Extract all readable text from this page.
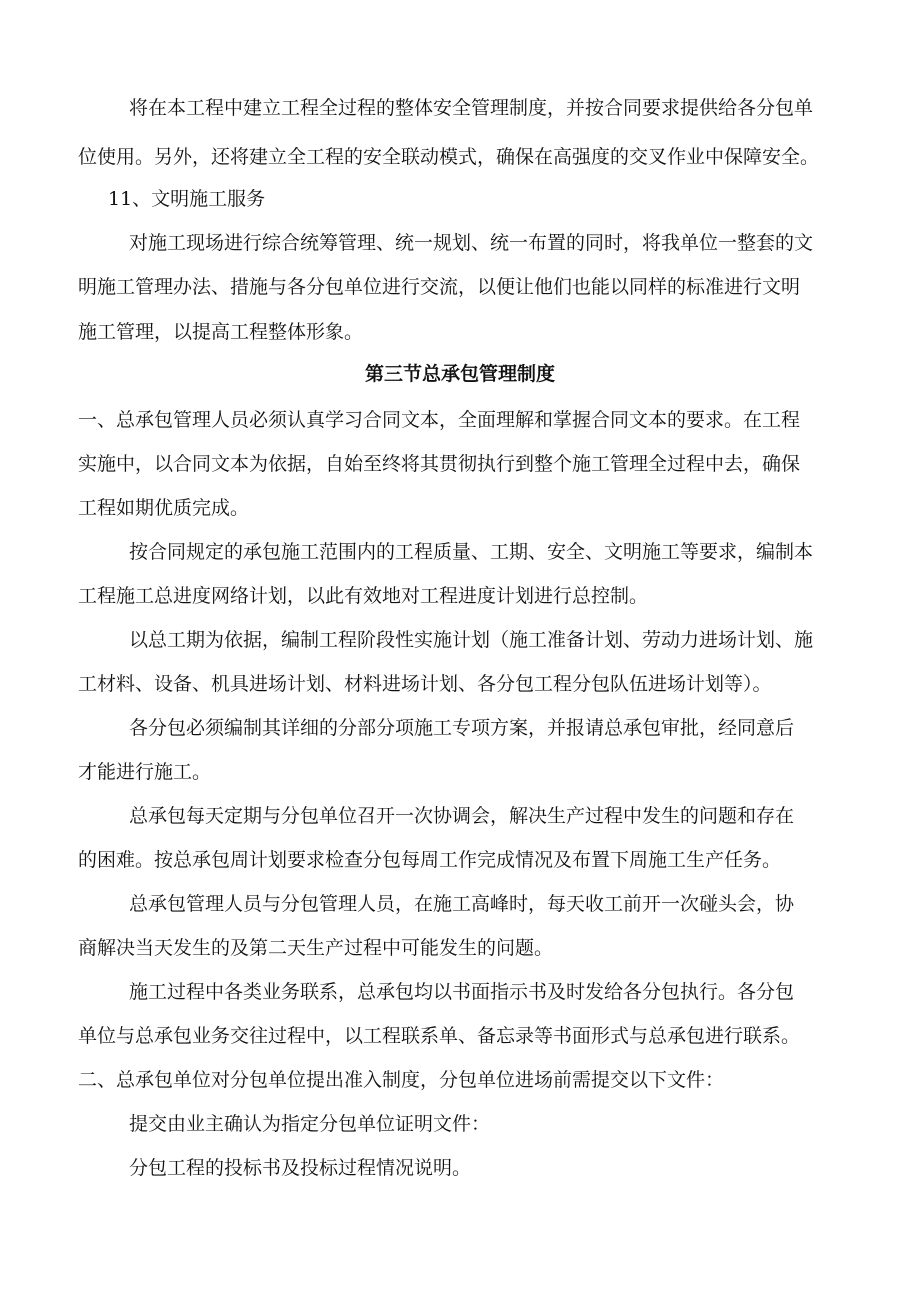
将在本工程中建立工程全过程的整体安全管理制度，并按合同要求提供给各分包单
位使用。另外，还将建立全工程的安全联动模式，确保在高强度的交叉作业中保障安全。
11、文明施工服务
对施工现场进行综合统筹管理、统一规划、统一布置的同时，将我单位一整套的文
明施工管理办法、措施与各分包单位进行交流，以便让他们也能以同样的标准进行文明
施工管理，以提高工程整体形象。
第三节总承包管理制度
一、总承包管理人员必须认真学习合同文本，全面理解和掌握合同文本的要求。在工程
实施中，以合同文本为依据，自始至终将其贯彻执行到整个施工管理全过程中去，确保
工程如期优质完成。
按合同规定的承包施工范围内的工程质量、工期、安全、文明施工等要求，编制本
工程施工总进度网络计划，以此有效地对工程进度计划进行总控制。
以总工期为依据，编制工程阶段性实施计划（施工准备计划、劳动力进场计划、施
工材料、设备、机具进场计划、材料进场计划、各分包工程分包队伍进场计划等）。
各分包必须编制其详细的分部分项施工专项方案，并报请总承包审批，经同意后
才能进行施工。
总承包每天定期与分包单位召开一次协调会，解决生产过程中发生的问题和存在
的困难。按总承包周计划要求检查分包每周工作完成情况及布置下周施工生产任务。
总承包管理人员与分包管理人员，在施工高峰时，每天收工前开一次碰头会，协
商解决当天发生的及第二天生产过程中可能发生的问题。
施工过程中各类业务联系，总承包均以书面指示书及时发给各分包执行。各分包
单位与总承包业务交往过程中，以工程联系单、备忘录等书面形式与总承包进行联系。
二、总承包单位对分包单位提出准入制度，分包单位进场前需提交以下文件：
提交由业主确认为指定分包单位证明文件：
分包工程的投标书及投标过程情况说明。
